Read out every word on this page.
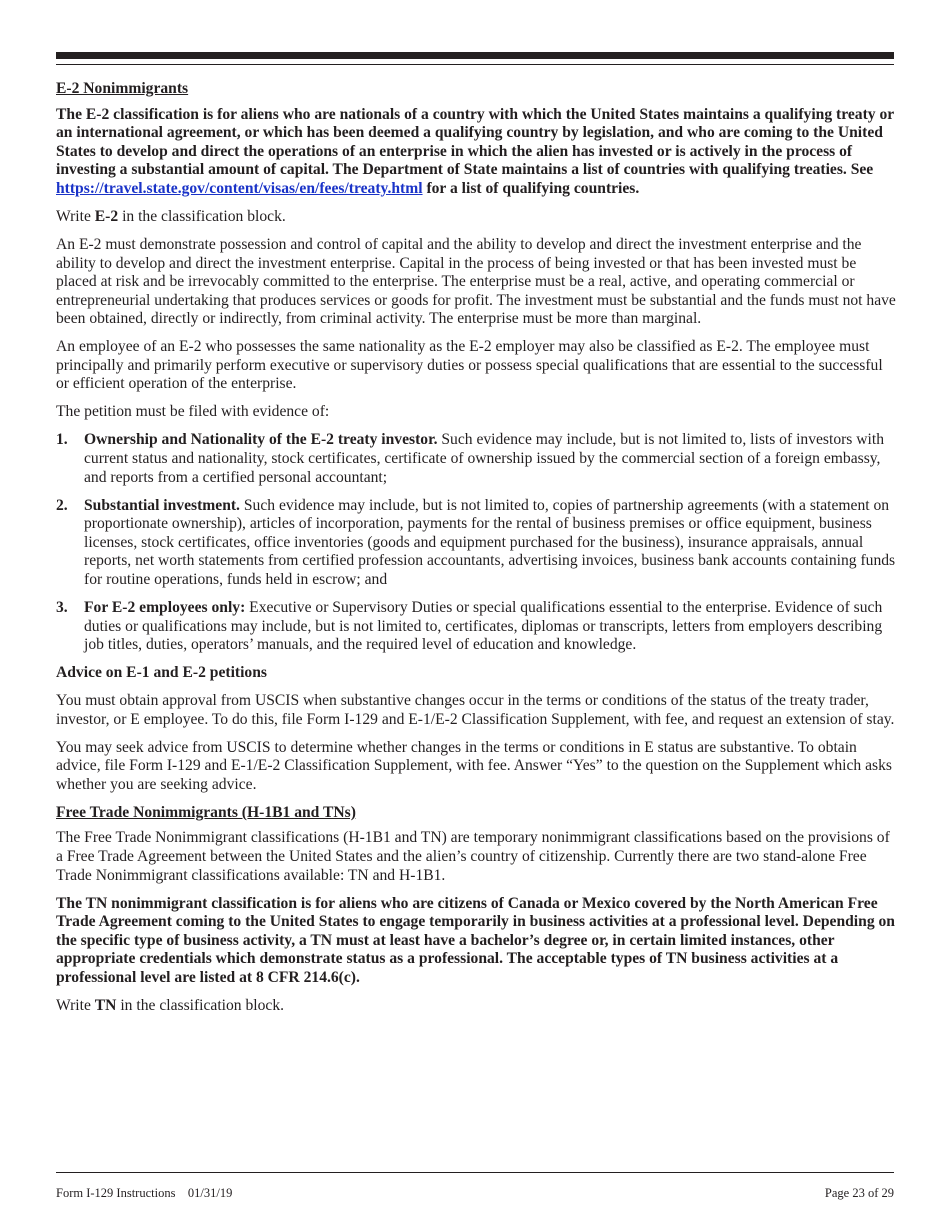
E-2 Nonimmigrants

The E-2 classification is for aliens who are nationals of a country with which the United States maintains a qualifying treaty or an international agreement, or which has been deemed a qualifying country by legislation, and who are coming to the United States to develop and direct the operations of an enterprise in which the alien has invested or is actively in the process of investing a substantial amount of capital. The Department of State maintains a list of countries with qualifying treaties. See https://travel.state.gov/content/visas/en/fees/treaty.html for a list of qualifying countries.

Write E-2 in the classification block.

An E-2 must demonstrate possession and control of capital and the ability to develop and direct the investment enterprise and the ability to develop and direct the investment enterprise. Capital in the process of being invested or that has been invested must be placed at risk and be irrevocably committed to the enterprise. The enterprise must be a real, active, and operating commercial or entrepreneurial undertaking that produces services or goods for profit. The investment must be substantial and the funds must not have been obtained, directly or indirectly, from criminal activity. The enterprise must be more than marginal.

An employee of an E-2 who possesses the same nationality as the E-2 employer may also be classified as E-2. The employee must principally and primarily perform executive or supervisory duties or possess special qualifications that are essential to the successful or efficient operation of the enterprise.

The petition must be filed with evidence of:

1. Ownership and Nationality of the E-2 treaty investor. Such evidence may include, but is not limited to, lists of investors with current status and nationality, stock certificates, certificate of ownership issued by the commercial section of a foreign embassy, and reports from a certified personal accountant;
2. Substantial investment. Such evidence may include, but is not limited to, copies of partnership agreements (with a statement on proportionate ownership), articles of incorporation, payments for the rental of business premises or office equipment, business licenses, stock certificates, office inventories (goods and equipment purchased for the business), insurance appraisals, annual reports, net worth statements from certified profession accountants, advertising invoices, business bank accounts containing funds for routine operations, funds held in escrow; and
3. For E-2 employees only: Executive or Supervisory Duties or special qualifications essential to the enterprise. Evidence of such duties or qualifications may include, but is not limited to, certificates, diplomas or transcripts, letters from employers describing job titles, duties, operators’ manuals, and the required level of education and knowledge.

Advice on E-1 and E-2 petitions

You must obtain approval from USCIS when substantive changes occur in the terms or conditions of the status of the treaty trader, investor, or E employee. To do this, file Form I-129 and E-1/E-2 Classification Supplement, with fee, and request an extension of stay.

You may seek advice from USCIS to determine whether changes in the terms or conditions in E status are substantive. To obtain advice, file Form I-129 and E-1/E-2 Classification Supplement, with fee. Answer “Yes” to the question on the Supplement which asks whether you are seeking advice.

Free Trade Nonimmigrants (H-1B1 and TNs)

The Free Trade Nonimmigrant classifications (H-1B1 and TN) are temporary nonimmigrant classifications based on the provisions of a Free Trade Agreement between the United States and the alien’s country of citizenship. Currently there are two stand-alone Free Trade Nonimmigrant classifications available: TN and H-1B1.

The TN nonimmigrant classification is for aliens who are citizens of Canada or Mexico covered by the North American Free Trade Agreement coming to the United States to engage temporarily in business activities at a professional level. Depending on the specific type of business activity, a TN must at least have a bachelor’s degree or, in certain limited instances, other appropriate credentials which demonstrate status as a professional. The acceptable types of TN business activities at a professional level are listed at 8 CFR 214.6(c).

Write TN in the classification block.

Form I-129 Instructions    01/31/19	Page 23 of 29
